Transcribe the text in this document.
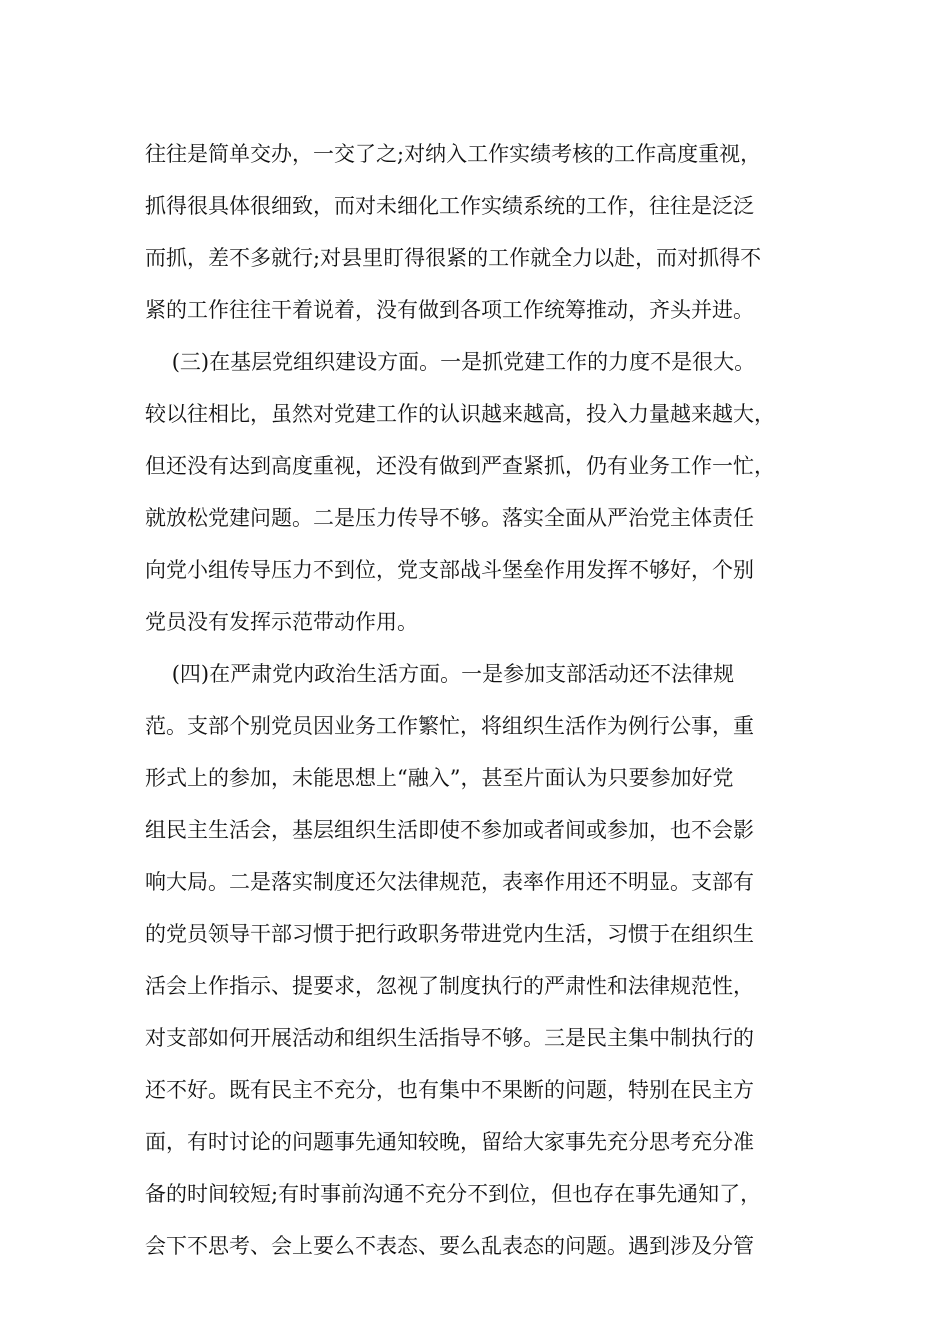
往往是简单交办，一交了之;对纳入工作实绩考核的工作高度重视，
抓得很具体很细致，而对未细化工作实绩系统的工作，往往是泛泛
而抓，差不多就行;对县里盯得很紧的工作就全力以赴，而对抓得不
紧的工作往往干着说着，没有做到各项工作统筹推动，齐头并进。
(三)在基层党组织建设方面。一是抓党建工作的力度不是很大。
较以往相比，虽然对党建工作的认识越来越高，投入力量越来越大，
但还没有达到高度重视，还没有做到严查紧抓，仍有业务工作一忙，
就放松党建问题。二是压力传导不够。落实全面从严治党主体责任
向党小组传导压力不到位，党支部战斗堡垒作用发挥不够好，个别
党员没有发挥示范带动作用。
(四)在严肃党内政治生活方面。一是参加支部活动还不法律规
范。支部个别党员因业务工作繁忙，将组织生活作为例行公事，重
形式上的参加，未能思想上“融入”，甚至片面认为只要参加好党
组民主生活会，基层组织生活即使不参加或者间或参加，也不会影
响大局。二是落实制度还欠法律规范，表率作用还不明显。支部有
的党员领导干部习惯于把行政职务带进党内生活，习惯于在组织生
活会上作指示、提要求，忽视了制度执行的严肃性和法律规范性，
对支部如何开展活动和组织生活指导不够。三是民主集中制执行的
还不好。既有民主不充分，也有集中不果断的问题，特别在民主方
面，有时讨论的问题事先通知较晚，留给大家事先充分思考充分准
备的时间较短;有时事前沟通不充分不到位，但也存在事先通知了，
会下不思考、会上要么不表态、要么乱表态的问题。遇到涉及分管
